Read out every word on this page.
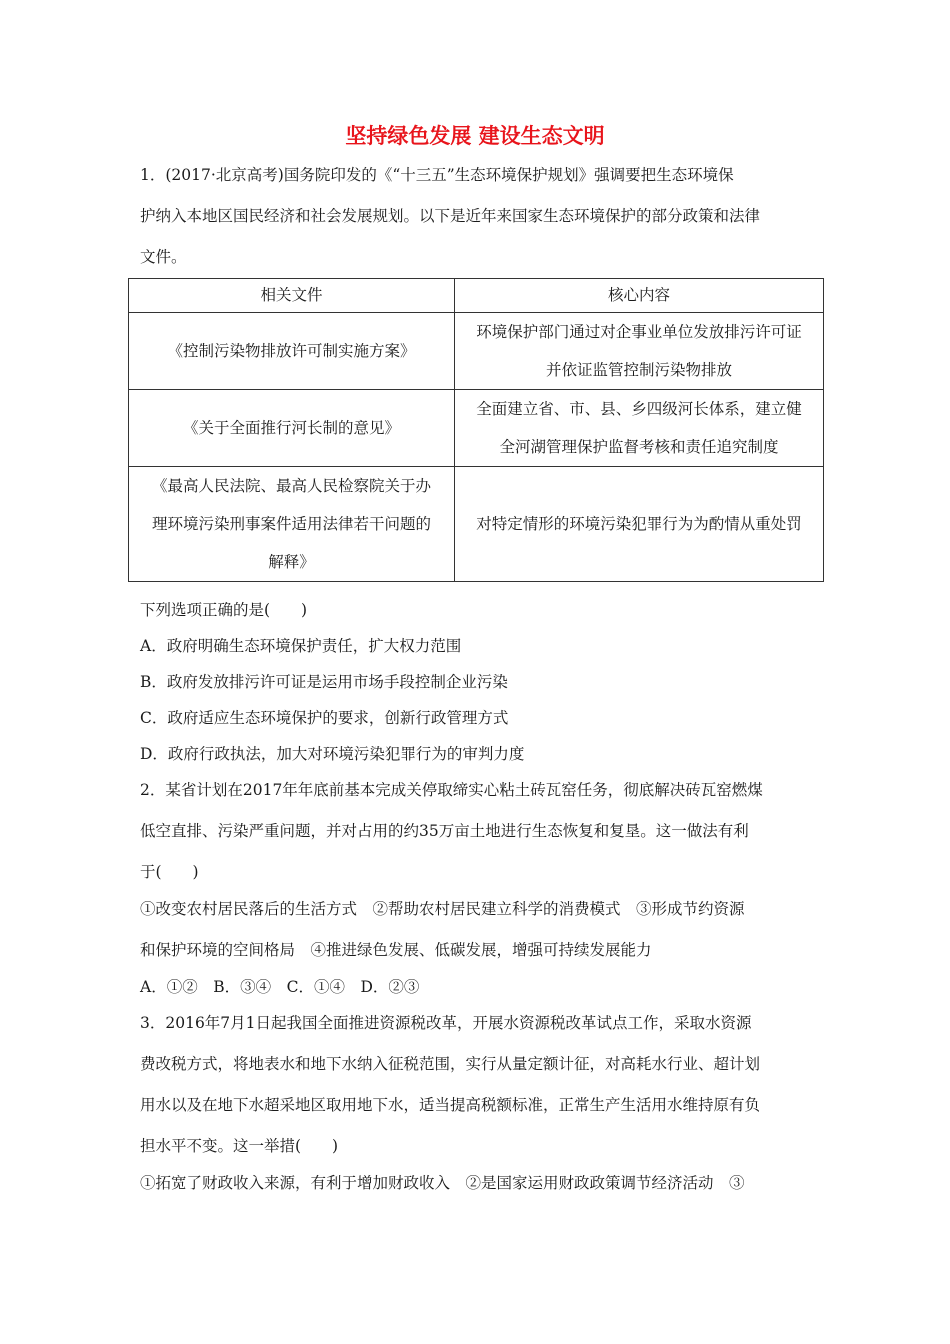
坚持绿色发展 建设生态文明
1．(2017·北京高考)国务院印发的《“十三五”生态环境保护规划》强调要把生态环境保
护纳入本地区国民经济和社会发展规划。以下是近年来国家生态环境保护的部分政策和法律
文件。
相关文件	核心内容

《控制污染物排放许可制实施方案》	环境保护部门通过对企事业单位发放排污许可证
并依证监管控制污染物排放

《关于全面推行河长制的意见》	全面建立省、市、县、乡四级河长体系，建立健
全河湖管理保护监督考核和责任追究制度

《最高人民法院、最高人民检察院关于办
理环境污染刑事案件适用法律若干问题的
解释》	对特定情形的环境污染犯罪行为为酌情从重处罚
下列选项正确的是(　　)
A．政府明确生态环境保护责任，扩大权力范围
B．政府发放排污许可证是运用市场手段控制企业污染
C．政府适应生态环境保护的要求，创新行政管理方式
D．政府行政执法，加大对环境污染犯罪行为的审判力度
2．某省计划在2017年年底前基本完成关停取缔实心粘土砖瓦窑任务，彻底解决砖瓦窑燃煤
低空直排、污染严重问题，并对占用的约35万亩土地进行生态恢复和复垦。这一做法有利
于(　　)
①改变农村居民落后的生活方式　②帮助农村居民建立科学的消费模式　③形成节约资源
和保护环境的空间格局　④推进绿色发展、低碳发展，增强可持续发展能力
A．①②　B．③④　C．①④　D．②③
3．2016年7月1日起我国全面推进资源税改革，开展水资源税改革试点工作，采取水资源
费改税方式，将地表水和地下水纳入征税范围，实行从量定额计征，对高耗水行业、超计划
用水以及在地下水超采地区取用地下水，适当提高税额标准，正常生产生活用水维持原有负
担水平不变。这一举措(　　)
①拓宽了财政收入来源，有利于增加财政收入　②是国家运用财政政策调节经济活动　③
